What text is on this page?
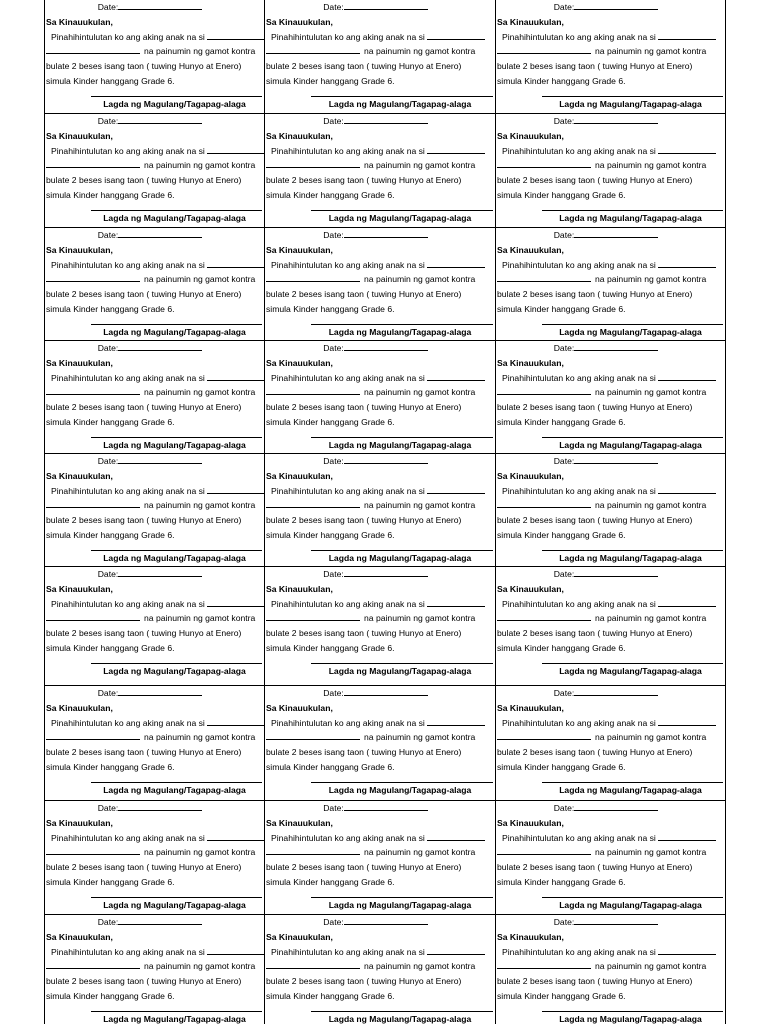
Date:
Sa Kinauukulan,
Pinahihintulutan ko ang aking anak na si
na painumin ng gamot kontra
bulate 2 beses isang taon ( tuwing Hunyo at Enero)
simula Kinder hanggang Grade 6.
Lagda ng Magulang/Tagapag-alaga
Date:
Sa Kinauukulan,
Pinahihintulutan ko ang aking anak na si
na painumin ng gamot kontra
bulate 2 beses isang taon ( tuwing Hunyo at Enero)
simula Kinder hanggang Grade 6.
Lagda ng Magulang/Tagapag-alaga
Date:
Sa Kinauukulan,
Pinahihintulutan ko ang aking anak na si
na painumin ng gamot kontra
bulate 2 beses isang taon ( tuwing Hunyo at Enero)
simula Kinder hanggang Grade 6.
Lagda ng Magulang/Tagapag-alaga
Date:
Sa Kinauukulan,
Pinahihintulutan ko ang aking anak na si
na painumin ng gamot kontra
bulate 2 beses isang taon ( tuwing Hunyo at Enero)
simula Kinder hanggang Grade 6.
Lagda ng Magulang/Tagapag-alaga
Date:
Sa Kinauukulan,
Pinahihintulutan ko ang aking anak na si
na painumin ng gamot kontra
bulate 2 beses isang taon ( tuwing Hunyo at Enero)
simula Kinder hanggang Grade 6.
Lagda ng Magulang/Tagapag-alaga
Date:
Sa Kinauukulan,
Pinahihintulutan ko ang aking anak na si
na painumin ng gamot kontra
bulate 2 beses isang taon ( tuwing Hunyo at Enero)
simula Kinder hanggang Grade 6.
Lagda ng Magulang/Tagapag-alaga
Date:
Sa Kinauukulan,
Pinahihintulutan ko ang aking anak na si
na painumin ng gamot kontra
bulate 2 beses isang taon ( tuwing Hunyo at Enero)
simula Kinder hanggang Grade 6.
Lagda ng Magulang/Tagapag-alaga
Date:
Sa Kinauukulan,
Pinahihintulutan ko ang aking anak na si
na painumin ng gamot kontra
bulate 2 beses isang taon ( tuwing Hunyo at Enero)
simula Kinder hanggang Grade 6.
Lagda ng Magulang/Tagapag-alaga
Date:
Sa Kinauukulan,
Pinahihintulutan ko ang aking anak na si
na painumin ng gamot kontra
bulate 2 beses isang taon ( tuwing Hunyo at Enero)
simula Kinder hanggang Grade 6.
Lagda ng Magulang/Tagapag-alaga
Date:
Sa Kinauukulan,
Pinahihintulutan ko ang aking anak na si
na painumin ng gamot kontra
bulate 2 beses isang taon ( tuwing Hunyo at Enero)
simula Kinder hanggang Grade 6.
Lagda ng Magulang/Tagapag-alaga
Date:
Sa Kinauukulan,
Pinahihintulutan ko ang aking anak na si
na painumin ng gamot kontra
bulate 2 beses isang taon ( tuwing Hunyo at Enero)
simula Kinder hanggang Grade 6.
Lagda ng Magulang/Tagapag-alaga
Date:
Sa Kinauukulan,
Pinahihintulutan ko ang aking anak na si
na painumin ng gamot kontra
bulate 2 beses isang taon ( tuwing Hunyo at Enero)
simula Kinder hanggang Grade 6.
Lagda ng Magulang/Tagapag-alaga
Date:
Sa Kinauukulan,
Pinahihintulutan ko ang aking anak na si
na painumin ng gamot kontra
bulate 2 beses isang taon ( tuwing Hunyo at Enero)
simula Kinder hanggang Grade 6.
Lagda ng Magulang/Tagapag-alaga
Date:
Sa Kinauukulan,
Pinahihintulutan ko ang aking anak na si
na painumin ng gamot kontra
bulate 2 beses isang taon ( tuwing Hunyo at Enero)
simula Kinder hanggang Grade 6.
Lagda ng Magulang/Tagapag-alaga
Date:
Sa Kinauukulan,
Pinahihintulutan ko ang aking anak na si
na painumin ng gamot kontra
bulate 2 beses isang taon ( tuwing Hunyo at Enero)
simula Kinder hanggang Grade 6.
Lagda ng Magulang/Tagapag-alaga
Date:
Sa Kinauukulan,
Pinahihintulutan ko ang aking anak na si
na painumin ng gamot kontra
bulate 2 beses isang taon ( tuwing Hunyo at Enero)
simula Kinder hanggang Grade 6.
Lagda ng Magulang/Tagapag-alaga
Date:
Sa Kinauukulan,
Pinahihintulutan ko ang aking anak na si
na painumin ng gamot kontra
bulate 2 beses isang taon ( tuwing Hunyo at Enero)
simula Kinder hanggang Grade 6.
Lagda ng Magulang/Tagapag-alaga
Date:
Sa Kinauukulan,
Pinahihintulutan ko ang aking anak na si
na painumin ng gamot kontra
bulate 2 beses isang taon ( tuwing Hunyo at Enero)
simula Kinder hanggang Grade 6.
Lagda ng Magulang/Tagapag-alaga
Date:
Sa Kinauukulan,
Pinahihintulutan ko ang aking anak na si
na painumin ng gamot kontra
bulate 2 beses isang taon ( tuwing Hunyo at Enero)
simula Kinder hanggang Grade 6.
Lagda ng Magulang/Tagapag-alaga
Date:
Sa Kinauukulan,
Pinahihintulutan ko ang aking anak na si
na painumin ng gamot kontra
bulate 2 beses isang taon ( tuwing Hunyo at Enero)
simula Kinder hanggang Grade 6.
Lagda ng Magulang/Tagapag-alaga
Date:
Sa Kinauukulan,
Pinahihintulutan ko ang aking anak na si
na painumin ng gamot kontra
bulate 2 beses isang taon ( tuwing Hunyo at Enero)
simula Kinder hanggang Grade 6.
Lagda ng Magulang/Tagapag-alaga
Date:
Sa Kinauukulan,
Pinahihintulutan ko ang aking anak na si
na painumin ng gamot kontra
bulate 2 beses isang taon ( tuwing Hunyo at Enero)
simula Kinder hanggang Grade 6.
Lagda ng Magulang/Tagapag-alaga
Date:
Sa Kinauukulan,
Pinahihintulutan ko ang aking anak na si
na painumin ng gamot kontra
bulate 2 beses isang taon ( tuwing Hunyo at Enero)
simula Kinder hanggang Grade 6.
Lagda ng Magulang/Tagapag-alaga
Date:
Sa Kinauukulan,
Pinahihintulutan ko ang aking anak na si
na painumin ng gamot kontra
bulate 2 beses isang taon ( tuwing Hunyo at Enero)
simula Kinder hanggang Grade 6.
Lagda ng Magulang/Tagapag-alaga
Date:
Sa Kinauukulan,
Pinahihintulutan ko ang aking anak na si
na painumin ng gamot kontra
bulate 2 beses isang taon ( tuwing Hunyo at Enero)
simula Kinder hanggang Grade 6.
Lagda ng Magulang/Tagapag-alaga
Date:
Sa Kinauukulan,
Pinahihintulutan ko ang aking anak na si
na painumin ng gamot kontra
bulate 2 beses isang taon ( tuwing Hunyo at Enero)
simula Kinder hanggang Grade 6.
Lagda ng Magulang/Tagapag-alaga
Date:
Sa Kinauukulan,
Pinahihintulutan ko ang aking anak na si
na painumin ng gamot kontra
bulate 2 beses isang taon ( tuwing Hunyo at Enero)
simula Kinder hanggang Grade 6.
Lagda ng Magulang/Tagapag-alaga
